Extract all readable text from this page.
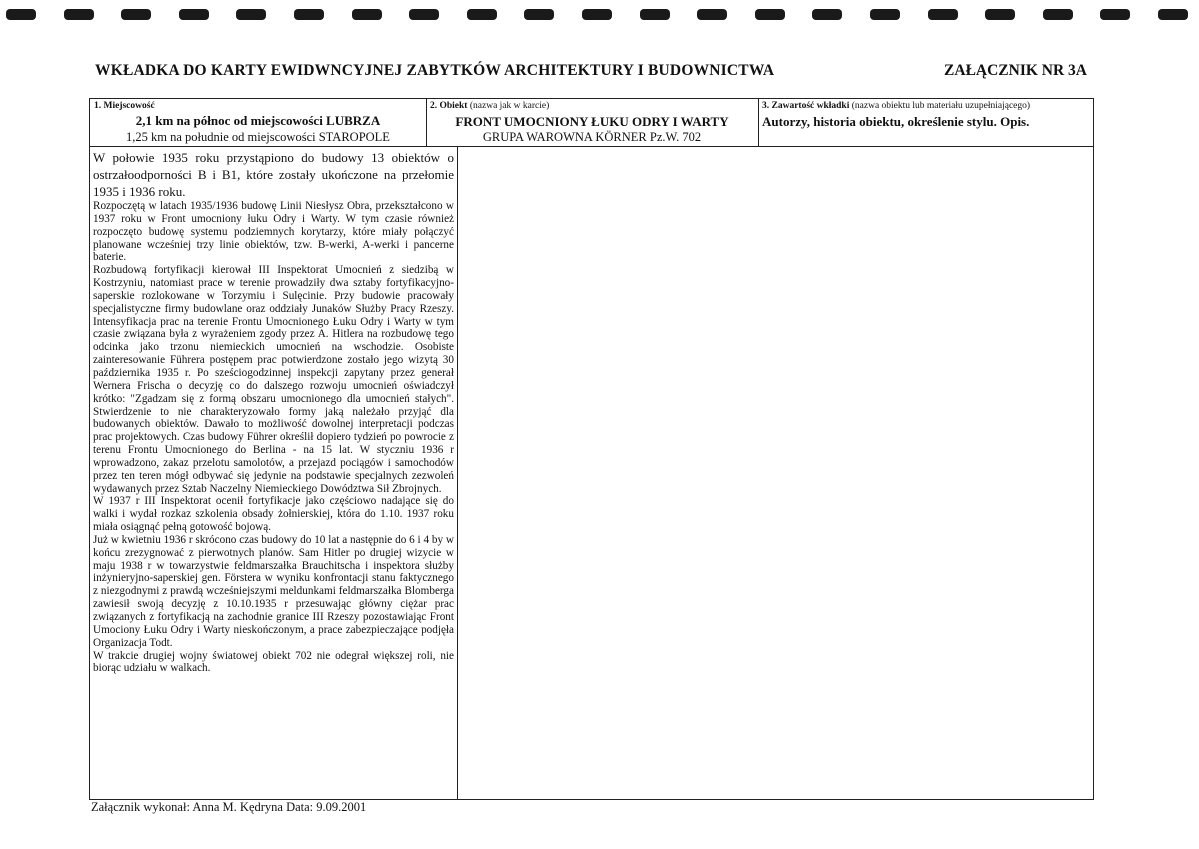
WKŁADKA DO KARTY EWIDWNCYJNEJ ZABYTKÓW ARCHITEKTURY I BUDOWNICTWA	ZAŁĄCZNIK NR 3A
1. Miejscowość
2,1 km na północ od miejscowości LUBRZA
1,25 km na południe od miejscowości STAROPOLE
2. Obiekt (nazwa jak w karcie)
FRONT UMOCNIONY ŁUKU ODRY I WARTY
GRUPA WAROWNA KÖRNER Pz.W. 702
3. Zawartość wkładki (nazwa obiektu lub materiału uzupełniającego)
Autorzy, historia obiektu, określenie stylu. Opis.

W połowie 1935 roku przystąpiono do budowy 13 obiektów o ostrzałoodporności B i B1, które zostały ukończone na przełomie 1935 i 1936 roku.

Rozpoczętą w latach 1935/1936 budowę Linii Niesłysz Obra, przekształcono w 1937 roku w Front umocniony łuku Odry i Warty. W tym czasie również rozpoczęto budowę systemu podziemnych korytarzy, które miały połączyć planowane wcześniej trzy linie obiektów, tzw. B-werki, A-werki i pancerne baterie.

Rozbudową fortyfikacji kierował III Inspektorat Umocnień z siedzibą w Kostrzyniu, natomiast prace w terenie prowadziły dwa sztaby fortyfikacyjno-saperskie rozlokowane w Torzymiu i Sulęcinie. Przy budowie pracowały specjalistyczne firmy budowlane oraz oddziały Junaków Służby Pracy Rzeszy. Intensyfikacja prac na terenie Frontu Umocnionego Łuku Odry i Warty w tym czasie związana była z wyrażeniem zgody przez A. Hitlera na rozbudowę tego odcinka jako trzonu niemieckich umocnień na wschodzie. Osobiste zainteresowanie Führera postępem prac potwierdzone zostało jego wizytą 30 października 1935 r. Po sześciogodzinnej inspekcji zapytany przez generał Wernera Frischa o decyzję co do dalszego rozwoju umocnień oświadczył krótko: "Zgadzam się z formą obszaru umocnionego dla umocnień stałych". Stwierdzenie to nie charakteryzowało formy jaką należało przyjąć dla budowanych obiektów. Dawało to możliwość dowolnej interpretacji podczas prac projektowych. Czas budowy Führer określił dopiero tydzień po powrocie z terenu Frontu Umocnionego do Berlina - na 15 lat. W styczniu 1936 r wprowadzono, zakaz przelotu samolotów, a przejazd pociągów i samochodów przez ten teren mógł odbywać się jedynie na podstawie specjalnych zezwoleń wydawanych przez Sztab Naczelny Niemieckiego Dowództwa Sił Zbrojnych.

W 1937 r III Inspektorat ocenił fortyfikacje jako częściowo nadające się do walki i wydał rozkaz szkolenia obsady żołnierskiej, która do 1.10. 1937 roku miała osiągnąć pełną gotowość bojową.

Już w kwietniu 1936 r skrócono czas budowy do 10 lat a następnie do 6 i 4 by w końcu zrezygnować z pierwotnych planów. Sam Hitler po drugiej wizycie w maju 1938 r w towarzystwie feldmarszałka Brauchitscha i inspektora służby inżynieryjno-saperskiej gen. Förstera w wyniku konfrontacji stanu faktycznego z niezgodnymi z prawdą wcześniejszymi meldunkami feldmarszałka Blomberga zawiesił swoją decyzję z 10.10.1935 r przesuwając główny ciężar prac związanych z fortyfikacją na zachodnie granice III Rzeszy pozostawiając Front Umociony Łuku Odry i Warty nieskończonym, a prace zabezpieczające podjęła Organizacja Todt.

W trakcie drugiej wojny światowej obiekt 702 nie odegrał większej roli, nie biorąc udziału w walkach.

Załącznik wykonał: Anna M. Kędryna Data: 9.09.2001
